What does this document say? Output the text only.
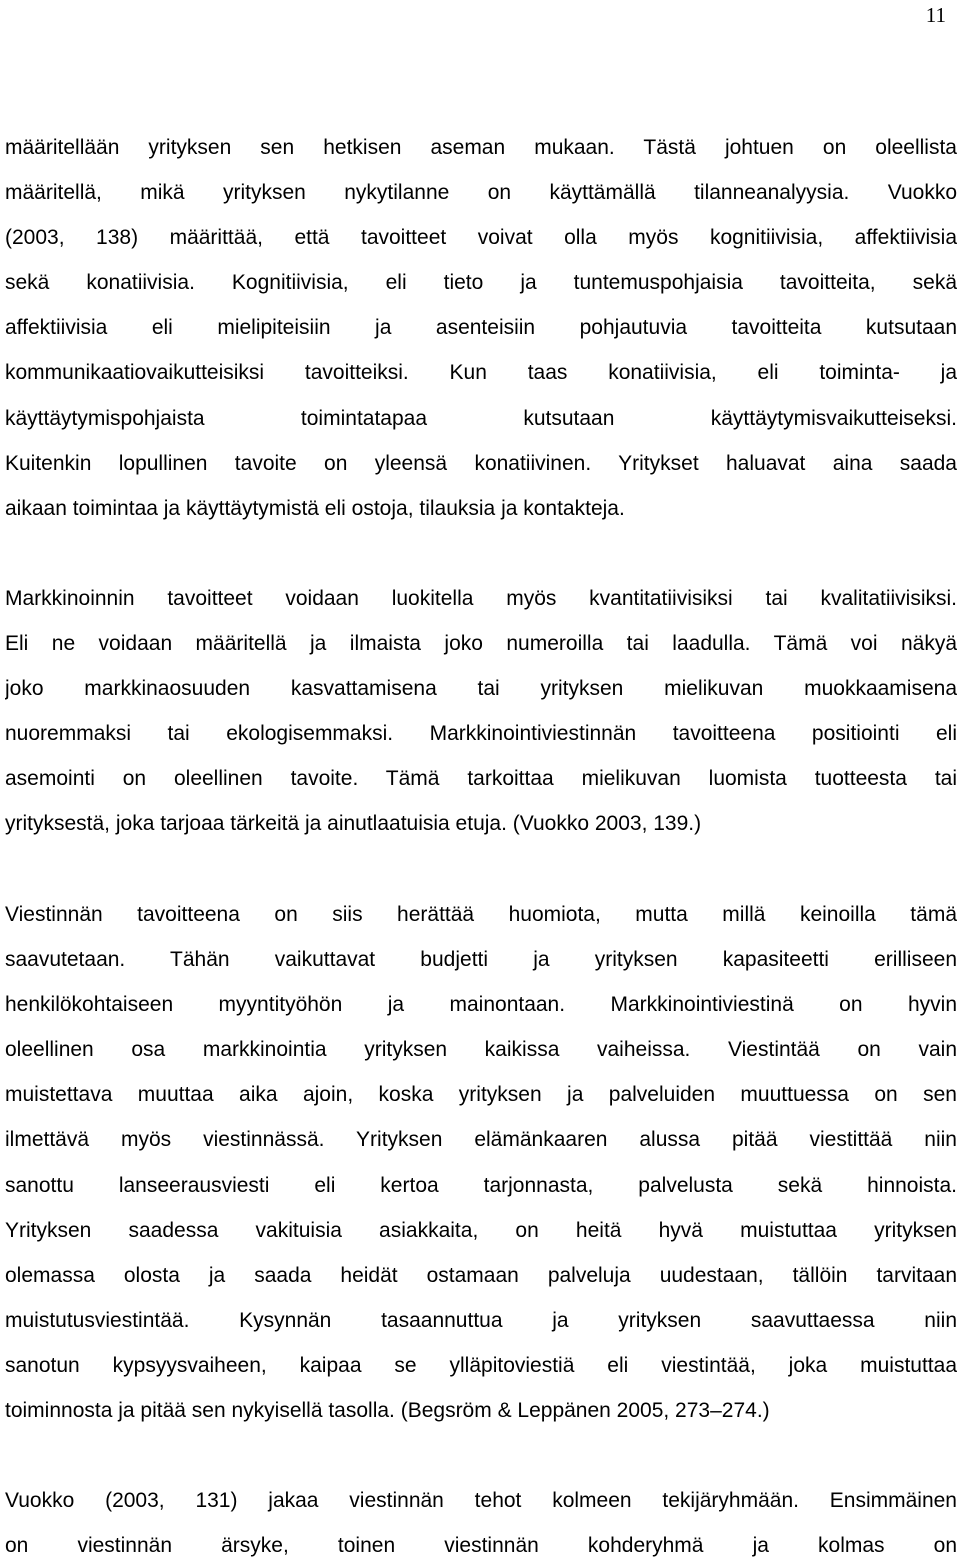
11
määritellään yrityksen sen hetkisen aseman mukaan. Tästä johtuen on oleellista
määritellä, mikä yrityksen nykytilanne on käyttämällä tilanneanalyysia. Vuokko
(2003, 138) määrittää, että tavoitteet voivat olla myös kognitiivisia, affektiivisia
sekä konatiivisia. Kognitiivisia, eli tieto ja tuntemuspohjaisia tavoitteita, sekä
affektiivisia eli mielipiteisiin ja asenteisiin pohjautuvia tavoitteita kutsutaan
kommunikaatiovaikutteisiksi tavoitteiksi. Kun taas konatiivisia, eli toiminta- ja
käyttäytymispohjaista toimintatapaa kutsutaan käyttäytymisvaikutteiseksi.
Kuitenkin lopullinen tavoite on yleensä konatiivinen. Yritykset haluavat aina saada
aikaan toimintaa ja käyttäytymistä eli ostoja, tilauksia ja kontakteja.
Markkinoinnin tavoitteet voidaan luokitella myös kvantitatiivisiksi tai kvalitatiivisiksi.
Eli ne voidaan määritellä ja ilmaista joko numeroilla tai laadulla. Tämä voi näkyä
joko markkinaosuuden kasvattamisena tai yrityksen mielikuvan muokkaamisena
nuoremmaksi tai ekologisemmaksi. Markkinointiviestinnän tavoitteena positiointi eli
asemointi on oleellinen tavoite. Tämä tarkoittaa mielikuvan luomista tuotteesta tai
yrityksestä, joka tarjoaa tärkeitä ja ainutlaatuisia etuja. (Vuokko 2003, 139.)
Viestinnän tavoitteena on siis herättää huomiota, mutta millä keinoilla tämä
saavutetaan. Tähän vaikuttavat budjetti ja yrityksen kapasiteetti erilliseen
henkilökohtaiseen myyntityöhön ja mainontaan. Markkinointiviestinä on hyvin
oleellinen osa markkinointia yrityksen kaikissa vaiheissa. Viestintää on vain
muistettava muuttaa aika ajoin, koska yrityksen ja palveluiden muuttuessa on sen
ilmettävä myös viestinnässä. Yrityksen elämänkaaren alussa pitää viestittää niin
sanottu lanseerausviesti eli kertoa tarjonnasta, palvelusta sekä hinnoista.
Yrityksen saadessa vakituisia asiakkaita, on heitä hyvä muistuttaa yrityksen
olemassa olosta ja saada heidät ostamaan palveluja uudestaan, tällöin tarvitaan
muistutusviestintää. Kysynnän tasaannuttua ja yrityksen saavuttaessa niin
sanotun kypsyysvaiheen, kaipaa se ylläpitoviestiä eli viestintää, joka muistuttaa
toiminnosta ja pitää sen nykyisellä tasolla. (Begsröm & Leppänen 2005, 273–274.)
Vuokko (2003, 131) jakaa viestinnän tehot kolmeen tekijäryhmään. Ensimmäinen
on viestinnän ärsyke, toinen viestinnän kohderyhmä ja kolmas on
